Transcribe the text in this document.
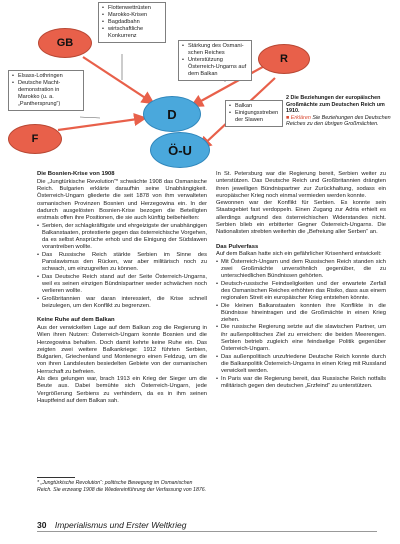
GB
R
F
D
Ö-U
• Flottenwettrüsten
• Marokko-Krisen
• Bagdadbahn
• wirtschaftliche Konkurrenz
• Elsass-Lothringen
• Deutsche Machtdemonstration in Marokko (u. a. „Panthersprung“)
• Stärkung des Osmanischen Reiches
• Unterstützung Österreich-Ungarns auf dem Balkan
• Balkan
• Einigungsstreben der Slawen
2 Die Beziehungen der europäischen Großmächte zum Deutschen Reich um 1910.
■ Erklären Sie Beziehungen des Deutschen Reiches zu den übrigen Großmächten.
Die Bosnien-Krise von 1908

Die „Jungtürkische Revolution“* schwächte 1908 das Osmanische Reich. Bulgarien erklärte daraufhin seine Unabhängigkeit. Österreich-Ungarn gliederte die seit 1878 von ihm verwalteten osmanischen Provinzen Bosnien und Herzegowina ein. In der dadurch ausgelösten Bosnien-Krise bezogen die Beteiligten erstmals offen ihre Positionen, die sie auch künftig beibehielten:

• Serbien, der schlagkräftigste und ehrgeizigste der unabhängigen Balkanstaaten, protestierte gegen das österreichische Vorgehen, da es selbst Ansprüche erhob und die Einigung der Südslawen vorantreiben wollte.
• Das Russische Reich stärkte Serbien im Sinne des Panslawismus den Rücken, war aber militärisch noch zu schwach, um einzugreifen zu können.
• Das Deutsche Reich stand auf der Seite Österreich-Ungarns, weil es seinen einzigen Bündnispartner weder schwächen noch verlieren wollte.
• Großbritannien war daran interessiert, die Krise schnell beizulegen, um den Konflikt zu begrenzen.
Keine Ruhe auf dem Balkan

Aus der verwickelten Lage auf dem Balkan zog die Regierung in Wien ihren Nutzen: Österreich-Ungarn konnte Bosnien und die Herzegowina behalten. Doch damit kehrte keine Ruhe ein. Das zeigten zwei weitere Balkankriege: 1912 führten Serbien, Bulgarien, Griechenland und Montenegro einen Feldzug, um die von ihren Landsleuten besiedelten Gebiete von der osmanischen Herrschaft zu befreien.

Als dies gelungen war, brach 1913 ein Krieg der Sieger um die Beute aus. Dabei bemühte sich Österreich-Ungarn, jede Vergrößerung Serbiens zu verhindern, da es in ihm seinen Hauptfeind auf dem Balkan sah.

* „Jungtürkische Revolution“: politische Bewegung im Osmanischen Reich. Sie erzwang 1908 die Wiedereinführung der Verfassung von 1876.

In St. Petersburg war die Regierung bereit, Serbien weiter zu unterstützen. Das Deutsche Reich und Großbritannien drängten ihren jeweiligen Bündnispartner zur Zurückhaltung, sodass ein europäischer Krieg noch einmal vermieden werden konnte.

Gewonnen war der Konflikt für Serbien. Es konnte sein Staatsgebiet fast verdoppeln. Einen Zugang zur Adria erhielt es allerdings aufgrund des österreichischen Widerstandes nicht. Serbien blieb ein erbitterter Gegner Österreich-Ungarns. Die Nationalisten strebten weiterhin die „Befreiung aller Serben“ an.

Das Pulverfass

Auf dem Balkan hatte sich ein gefährlicher Krisenherd entwickelt:

• Mit Österreich-Ungarn und dem Russischen Reich standen sich zwei Großmächte unversöhnlich gegenüber, die zu unterschiedlichen Bündnissen gehörten.
• Deutsch-russische Feindseligkeiten und der erwartete Zerfall des Osmanischen Reiches erhöhten das Risiko, dass aus einem regionalen Streit ein europäischer Krieg entstehen könnte.
• Die kleinen Balkanstaaten konnten ihre Konflikte in die Bündnisse hineintragen und die Großmächte in einen Krieg ziehen.
• Die russische Regierung setzte auf die slawischen Partner, um ihr außenpolitisches Ziel zu erreichen: die beiden Meerengen. Serbien betrieb zugleich eine feindselige Politik gegenüber Österreich-Ungarn.
• Das außenpolitisch unzufriedene Deutsche Reich konnte durch die Balkanpolitik Österreich-Ungarns in einen Krieg mit Russland verwickelt werden.
• In Paris war die Regierung bereit, das Russische Reich notfalls militärisch gegen den deutschen „Erzfeind“ zu unterstützen.
30 Imperialismus und Erster Weltkrieg
